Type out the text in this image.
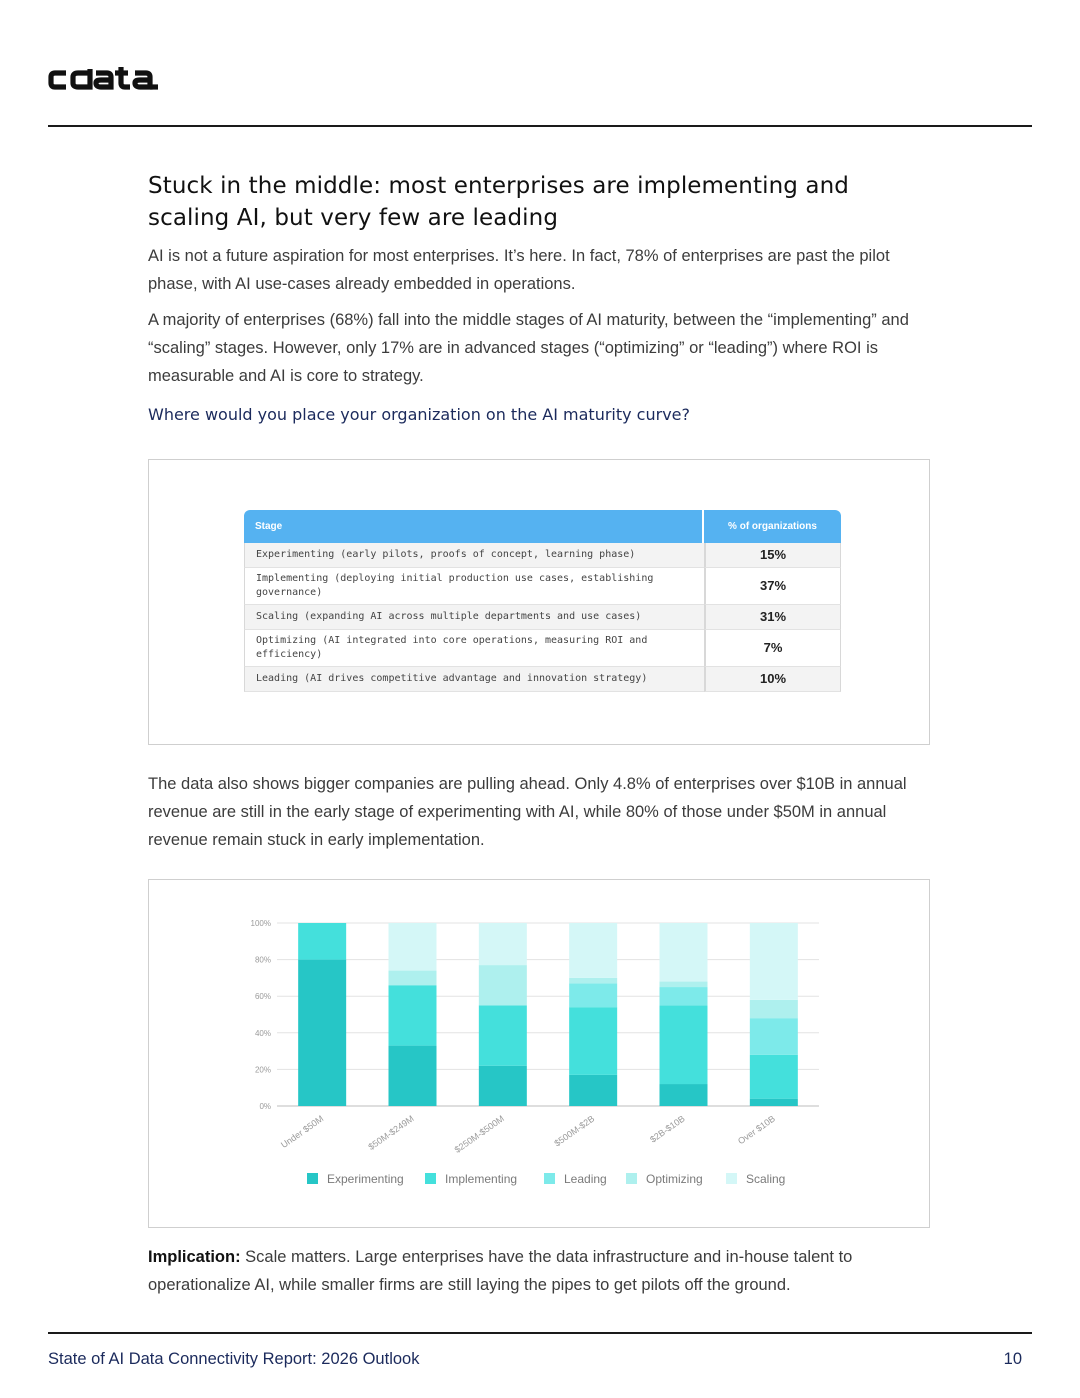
Stuck in the middle: most enterprises are implementing and scaling AI, but very few are leading

AI is not a future aspiration for most enterprises. It’s here. In fact, 78% of enterprises are past the pilot phase, with AI use-cases already embedded in operations.

A majority of enterprises (68%) fall into the middle stages of AI maturity, between the “implementing” and “scaling” stages. However, only 17% are in advanced stages (“optimizing” or “leading”) where ROI is measurable and AI is core to strategy.

Where would you place your organization on the AI maturity curve?
Stage	% of organizations
Experimenting (early pilots, proofs of concept, learning phase)	15%
Implementing (deploying initial production use cases, establishing governance)	37%
Scaling (expanding AI across multiple departments and use cases)	31%
Optimizing (AI integrated into core operations, measuring ROI and efficiency)	7%
Leading (AI drives competitive advantage and innovation strategy)	10%

The data also shows bigger companies are pulling ahead. Only 4.8% of enterprises over $10B in annual revenue are still in the early stage of experimenting with AI, while 80% of those under $50M in annual revenue remain stuck in early implementation.

0%
20%
40%
60%
80%
100%
Under $50M	$50M-$249M	$250M-$500M	$500M-$2B	$2B-$10B	Over $10B
Experimenting	Implementing	Leading	Optimizing	Scaling

Implication: Scale matters. Large enterprises have the data infrastructure and in-house talent to operationalize AI, while smaller firms are still laying the pipes to get pilots off the ground.

State of AI Data Connectivity Report: 2026 Outlook	10
